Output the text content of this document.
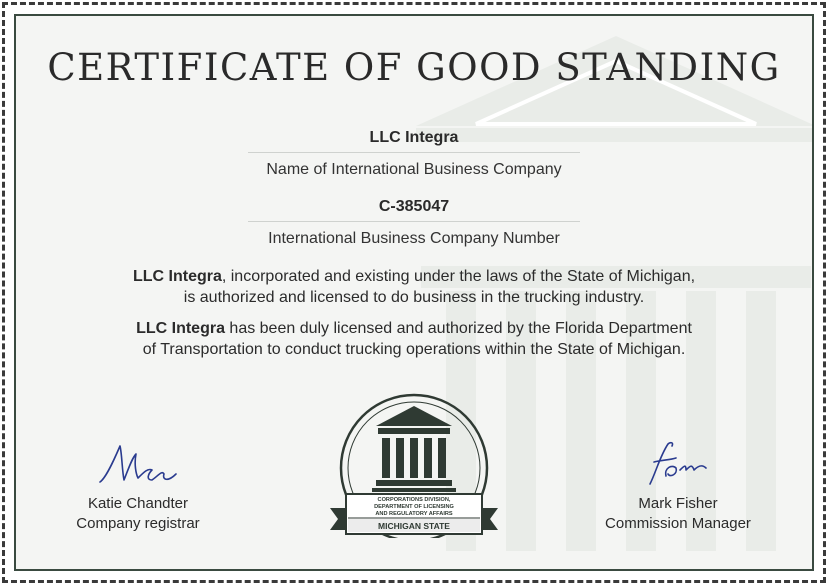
CERTIFICATE OF GOOD STANDING
LLC Integra
Name of International Business Company
C-385047
International Business Company Number
LLC Integra, incorporated and existing under the laws of the State of Michigan,
is authorized and licensed to do business in the trucking industry.
LLC Integra has been duly licensed and authorized by the Florida Department
of Transportation to conduct trucking operations within the State of Michigan.
Katie Chandter
Company registrar
Mark Fisher
Commission Manager
CORPORATIONS DIVISION,
DEPARTMENT OF LICENSING
AND REGULATORY AFFAIRS
MICHIGAN STATE
